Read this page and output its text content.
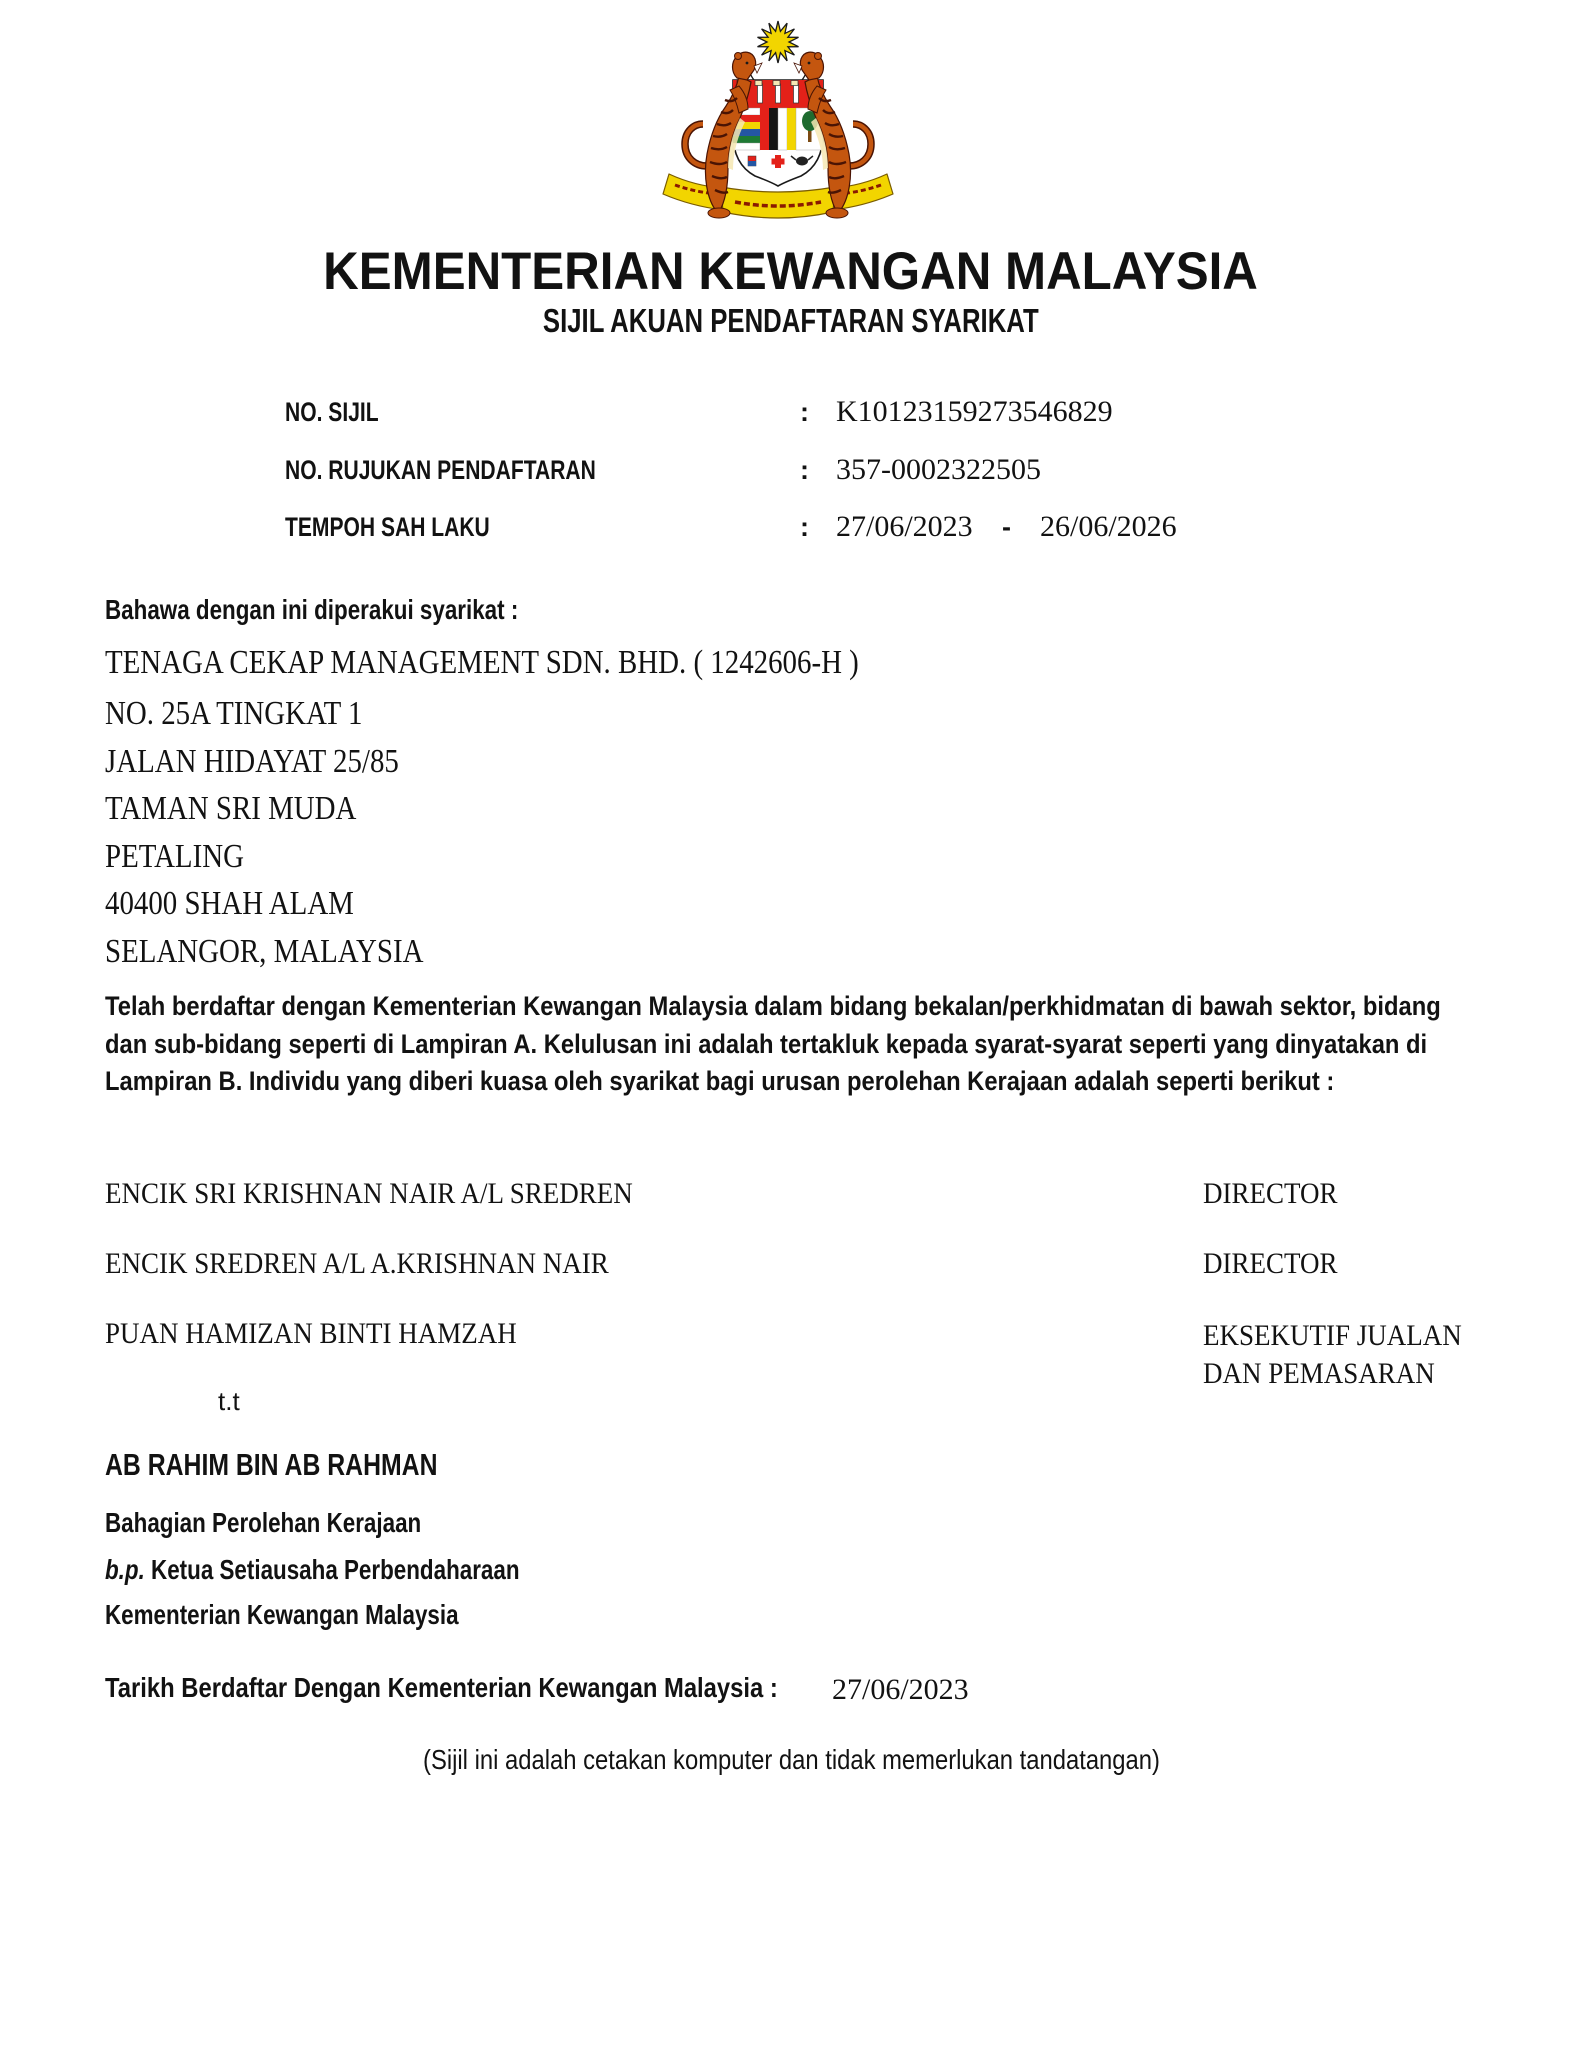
KEMENTERIAN KEWANGAN MALAYSIA
SIJIL AKUAN PENDAFTARAN SYARIKAT
NO. SIJIL	: K10123159273546829
NO. RUJUKAN PENDAFTARAN	: 357-0002322505
TEMPOH SAH LAKU	: 27/06/2023 - 26/06/2026
Bahawa dengan ini diperakui syarikat :
TENAGA CEKAP MANAGEMENT SDN. BHD. ( 1242606-H )
NO. 25A TINGKAT 1
JALAN HIDAYAT 25/85
TAMAN SRI MUDA
PETALING
40400 SHAH ALAM
SELANGOR, MALAYSIA
Telah berdaftar dengan Kementerian Kewangan Malaysia dalam bidang bekalan/perkhidmatan di bawah sektor, bidang
dan sub-bidang seperti di Lampiran A. Kelulusan ini adalah tertakluk kepada syarat-syarat seperti yang dinyatakan di
Lampiran B. Individu yang diberi kuasa oleh syarikat bagi urusan perolehan Kerajaan adalah seperti berikut :
ENCIK SRI KRISHNAN NAIR A/L SREDREN	DIRECTOR
ENCIK SREDREN A/L A.KRISHNAN NAIR	DIRECTOR
PUAN HAMIZAN BINTI HAMZAH	EKSEKUTIF JUALAN
DAN PEMASARAN
t.t
AB RAHIM BIN AB RAHMAN
Bahagian Perolehan Kerajaan
b.p. Ketua Setiausaha Perbendaharaan
Kementerian Kewangan Malaysia
Tarikh Berdaftar Dengan Kementerian Kewangan Malaysia :	27/06/2023
(Sijil ini adalah cetakan komputer dan tidak memerlukan tandatangan)
